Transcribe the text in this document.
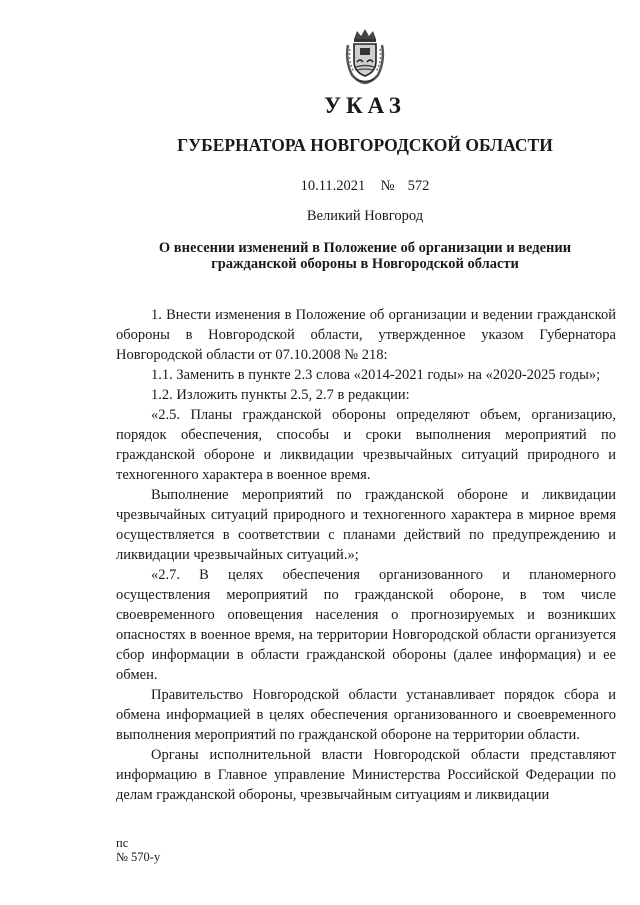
УКАЗ
ГУБЕРНАТОРА НОВГОРОДСКОЙ ОБЛАСТИ
10.11.2021 № 572
Великий Новгород
О внесении изменений в Положение об организации и ведении
гражданской обороны в Новгородской области

1. Внести изменения в Положение об организации и ведении гражданской обороны в Новгородской области, утвержденное указом Губернатора Новгородской области от 07.10.2008 № 218:

1.1. Заменить в пункте 2.3 слова «2014-2021 годы» на «2020-2025 годы»;

1.2. Изложить пункты 2.5, 2.7 в редакции:

«2.5. Планы гражданской обороны определяют объем, организацию, порядок обеспечения, способы и сроки выполнения мероприятий по гражданской обороне и ликвидации чрезвычайных ситуаций природного и техногенного характера в военное время.

Выполнение мероприятий по гражданской обороне и ликвидации чрезвычайных ситуаций природного и техногенного характера в мирное время осуществляется в соответствии с планами действий по предупреждению и ликвидации чрезвычайных ситуаций.»;

«2.7. В целях обеспечения организованного и планомерного осуществления мероприятий по гражданской обороне, в том числе своевременного оповещения населения о прогнозируемых и возникших опасностях в военное время, на территории Новгородской области организуется сбор информации в области гражданской обороны (далее информация) и ее обмен.

Правительство Новгородской области устанавливает порядок сбора и обмена информацией в целях обеспечения организованного и своевременного выполнения мероприятий по гражданской обороне на территории области.

Органы исполнительной власти Новгородской области представляют информацию в Главное управление Министерства Российской Федерации по делам гражданской обороны, чрезвычайным ситуациям и ликвидации

пс
№ 570-у
